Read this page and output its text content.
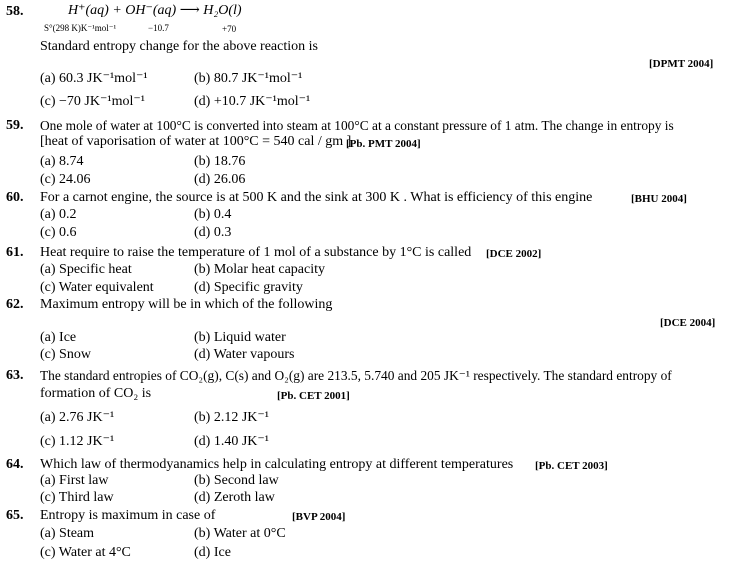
58.	H⁺(aq) + OH⁻(aq) ⟶ H₂O(l)
S°(298 K)K⁻¹mol⁻¹	−10.7	+70
Standard entropy change for the above reaction is
[DPMT 2004]
(a) 60.3 JK⁻¹mol⁻¹	(b) 80.7 JK⁻¹mol⁻¹
(c) −70 JK⁻¹mol⁻¹	(d) +10.7 JK⁻¹mol⁻¹
59. One mole of water at 100°C is converted into steam at 100°C at a constant pressure of 1 atm. The change in entropy is
[heat of vaporisation of water at 100°C = 540 cal / gm ]
[Pb. PMT 2004]
(a) 8.74	(b) 18.76
(c) 24.06	(d) 26.06
60. For a carnot engine, the source is at 500 K and the sink at 300 K . What is efficiency of this engine	[BHU 2004]
(a) 0.2	(b) 0.4
(c) 0.6	(d) 0.3
61. Heat require to raise the temperature of 1 mol of a substance by 1°C is called [DCE 2002]
(a) Specific heat	(b) Molar heat capacity
(c) Water equivalent	(d) Specific gravity
62. Maximum entropy will be in which of the following
[DCE 2004]
(a) Ice	(b) Liquid water
(c) Snow	(d) Water vapours
63. The standard entropies of CO₂(g), C(s) and O₂(g) are 213.5, 5.740 and 205 JK⁻¹ respectively. The standard entropy of
formation of CO₂ is	[Pb. CET 2001]
(a) 2.76 JK⁻¹	(b) 2.12 JK⁻¹
(c) 1.12 JK⁻¹	(d) 1.40 JK⁻¹
64. Which law of thermodyanamics help in calculating entropy at different temperatures [Pb. CET 2003]
(a) First law	(b) Second law
(c) Third law	(d) Zeroth law
65. Entropy is maximum in case of	[BVP 2004]
(a) Steam	(b) Water at 0°C
(c) Water at 4°C	(d) Ice
